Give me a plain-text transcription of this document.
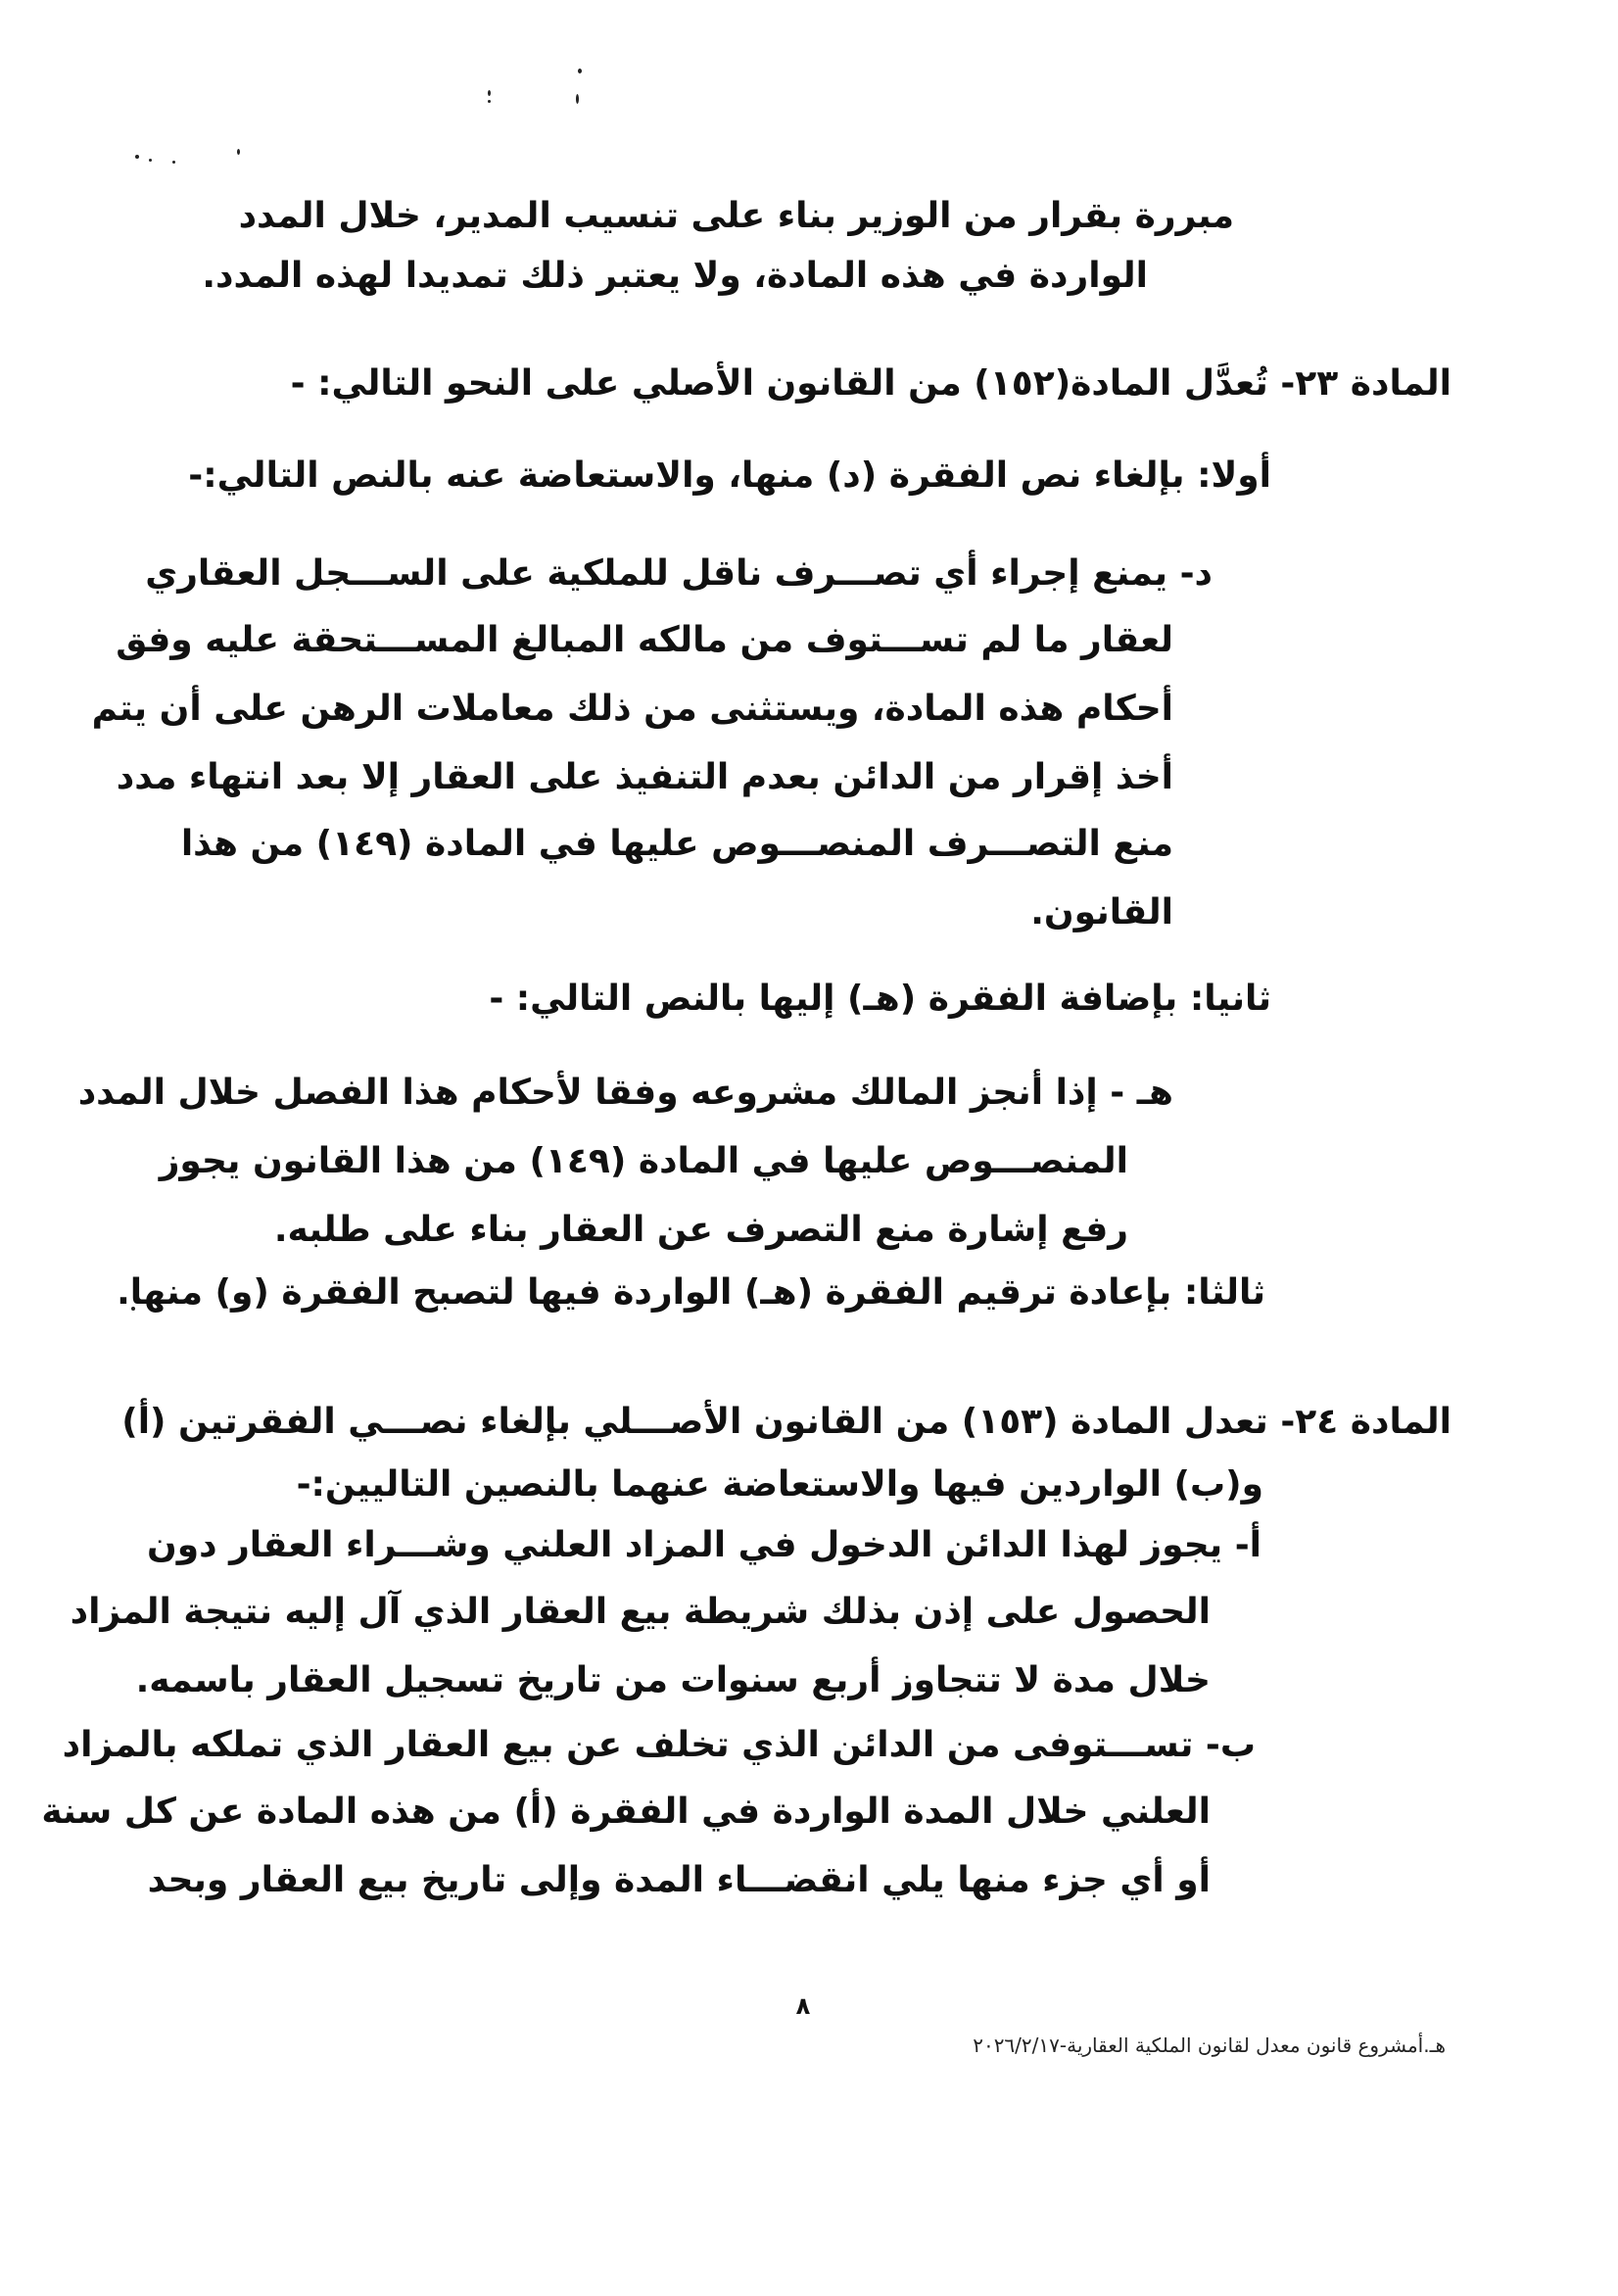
مبررة بقرار من الوزير بناء على تنسيب المدير، خلال المدد
الواردة في هذه المادة، ولا يعتبر ذلك تمديدا لهذه المدد.
المادة ٢٣- تُعدَّل المادة(١٥٢) من القانون الأصلي على النحو التالي: -
أولا: بإلغاء نص الفقرة (د) منها، والاستعاضة عنه بالنص التالي:-
د- يمنع إجراء أي تصـــرف ناقل للملكية على الســـجل العقاري
لعقار ما لم تســـتوف من مالكه المبالغ المســـتحقة عليه وفق
أحكام هذه المادة، ويستثنى من ذلك معاملات الرهن على أن يتم
أخذ إقرار من الدائن بعدم التنفيذ على العقار إلا بعد انتهاء مدد
منع التصـــرف المنصـــوص عليها في المادة (١٤٩) من هذا
القانون.
ثانيا: بإضافة الفقرة (هـ) إليها بالنص التالي: -
هـ - إذا أنجز المالك مشروعه وفقا لأحكام هذا الفصل خلال المدد
المنصـــوص عليها في المادة (١٤٩) من هذا القانون يجوز
رفع إشارة منع التصرف عن العقار بناء على طلبه.
ثالثا: بإعادة ترقيم الفقرة (هـ) الواردة فيها لتصبح الفقرة (و) منها.
المادة ٢٤- تعدل المادة (١٥٣) من القانون الأصـــلي بإلغاء نصـــي الفقرتين (أ)
و(ب) الواردين فيها والاستعاضة عنهما بالنصين التاليين:-
أ- يجوز لهذا الدائن الدخول في المزاد العلني وشـــراء العقار دون
الحصول على إذن بذلك شريطة بيع العقار الذي آل إليه نتيجة المزاد
خلال مدة لا تتجاوز أربع سنوات من تاريخ تسجيل العقار باسمه.
ب- تســـتوفى من الدائن الذي تخلف عن بيع العقار الذي تملكه بالمزاد
العلني خلال المدة الواردة في الفقرة (أ) من هذه المادة عن كل سنة
أو أي جزء منها يلي انقضـــاء المدة وإلى تاريخ بيع العقار وبحد
٨
هـ.أمشروع قانون معدل لقانون الملكية العقارية-٢٠٢٦/٢/١٧
